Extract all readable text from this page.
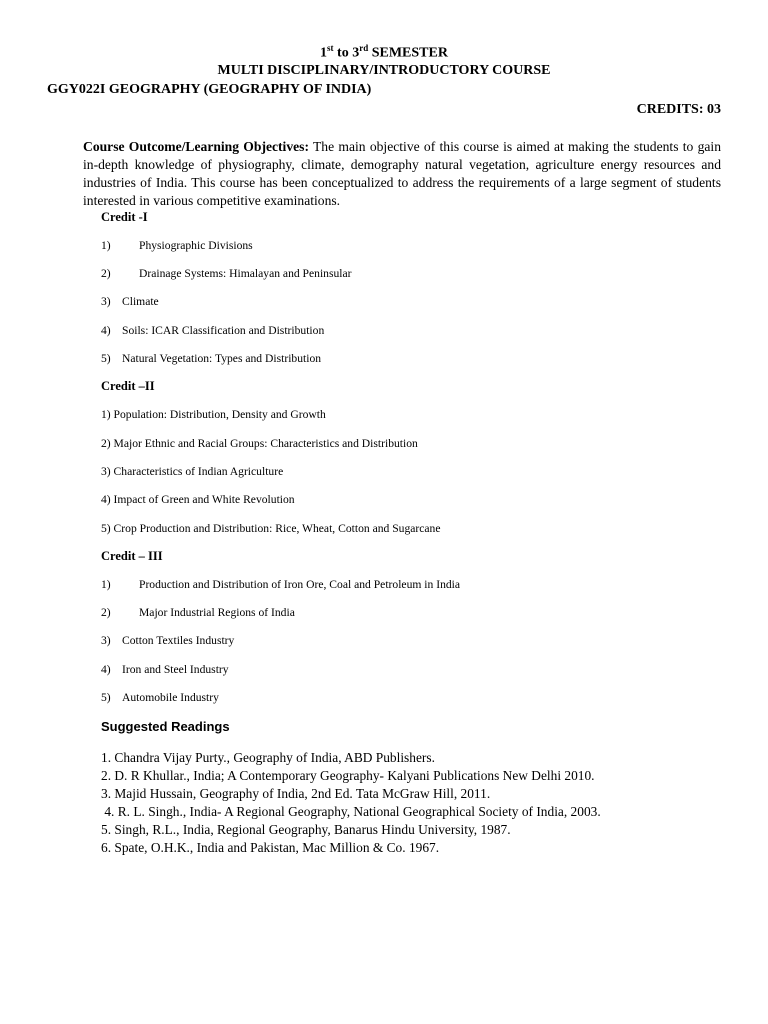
1st to 3rd SEMESTER
MULTI DISCIPLINARY/INTRODUCTORY COURSE
GGY022I GEOGRAPHY (GEOGRAPHY OF INDIA)
CREDITS: 03

Course Outcome/Learning Objectives: The main objective of this course is aimed at making the students to gain in-depth knowledge of physiography, climate, demography natural vegetation, agriculture energy resources and industries of India. This course has been conceptualized to address the requirements of a large segment of students interested in various competitive examinations.

Credit -I
1) Physiographic Divisions
2) Drainage Systems: Himalayan and Peninsular
3) Climate
4) Soils: ICAR Classification and Distribution
5) Natural Vegetation: Types and Distribution
Credit –II
1) Population: Distribution, Density and Growth
2) Major Ethnic and Racial Groups: Characteristics and Distribution
3) Characteristics of Indian Agriculture
4) Impact of Green and White Revolution
5) Crop Production and Distribution: Rice, Wheat, Cotton and Sugarcane
Credit – III
1) Production and Distribution of Iron Ore, Coal and Petroleum in India
2) Major Industrial Regions of India
3) Cotton Textiles Industry
4) Iron and Steel Industry
5) Automobile Industry
Suggested Readings
1. Chandra Vijay Purty., Geography of India, ABD Publishers.
2. D. R Khullar., India; A Contemporary Geography- Kalyani Publications New Delhi 2010.
3. Majid Hussain, Geography of India, 2nd Ed. Tata McGraw Hill, 2011.
4. R. L. Singh., India- A Regional Geography, National Geographical Society of India, 2003.
5. Singh, R.L., India, Regional Geography, Banarus Hindu University, 1987.
6. Spate, O.H.K., India and Pakistan, Mac Million & Co. 1967.
